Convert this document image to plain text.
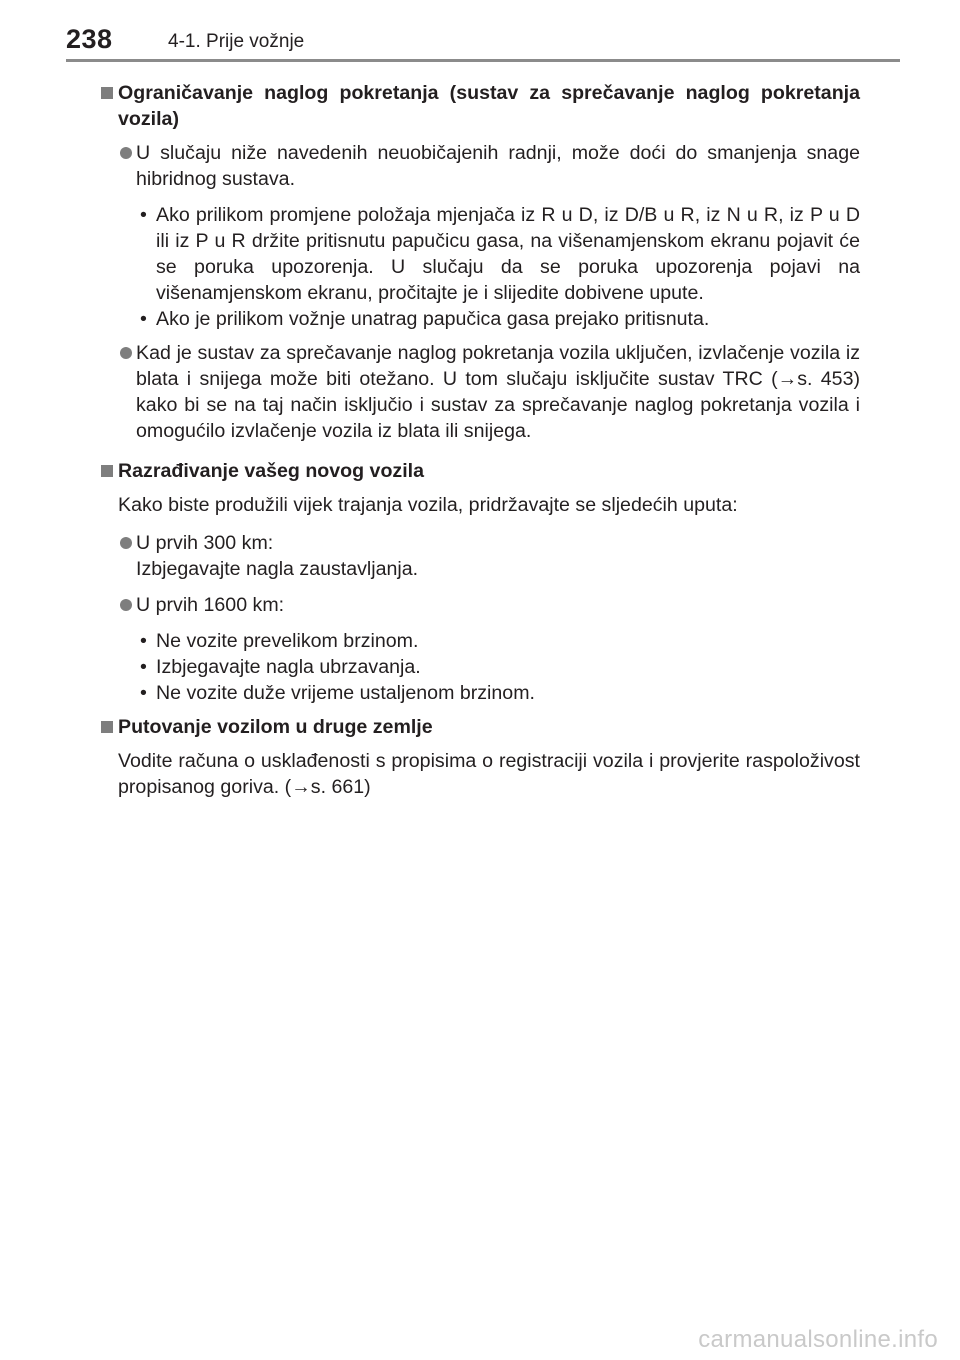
238	4-1. Prije vožnje
Ograničavanje naglog pokretanja (sustav za sprečavanje naglog pokretanja vozila)
U slučaju niže navedenih neuobičajenih radnji, može doći do smanjenja snage hibridnog sustava.
• Ako prilikom promjene položaja mjenjača iz R u D, iz D/B u R, iz N u R, iz P u D ili iz P u R držite pritisnutu papučicu gasa, na višenamjenskom ekranu pojavit će se poruka upozorenja. U slučaju da se poruka upozorenja pojavi na višenamjenskom ekranu, pročitajte je i slijedite dobivene upute.
• Ako je prilikom vožnje unatrag papučica gasa prejako pritisnuta.
Kad je sustav za sprečavanje naglog pokretanja vozila uključen, izvlačenje vozila iz blata i snijega može biti otežano. U tom slučaju isključite sustav TRC (→s. 453) kako bi se na taj način isključio i sustav za sprečavanje naglog pokretanja vozila i omogućilo izvlačenje vozila iz blata ili snijega.
Razrađivanje vašeg novog vozila
Kako biste produžili vijek trajanja vozila, pridržavajte se sljedećih uputa:
U prvih 300 km:
Izbjegavajte nagla zaustavljanja.
U prvih 1600 km:
• Ne vozite prevelikom brzinom.
• Izbjegavajte nagla ubrzavanja.
• Ne vozite duže vrijeme ustaljenom brzinom.
Putovanje vozilom u druge zemlje
Vodite računa o usklađenosti s propisima o registraciji vozila i provjerite raspoloživost propisanog goriva. (→s. 661)
carmanualsonline.info
